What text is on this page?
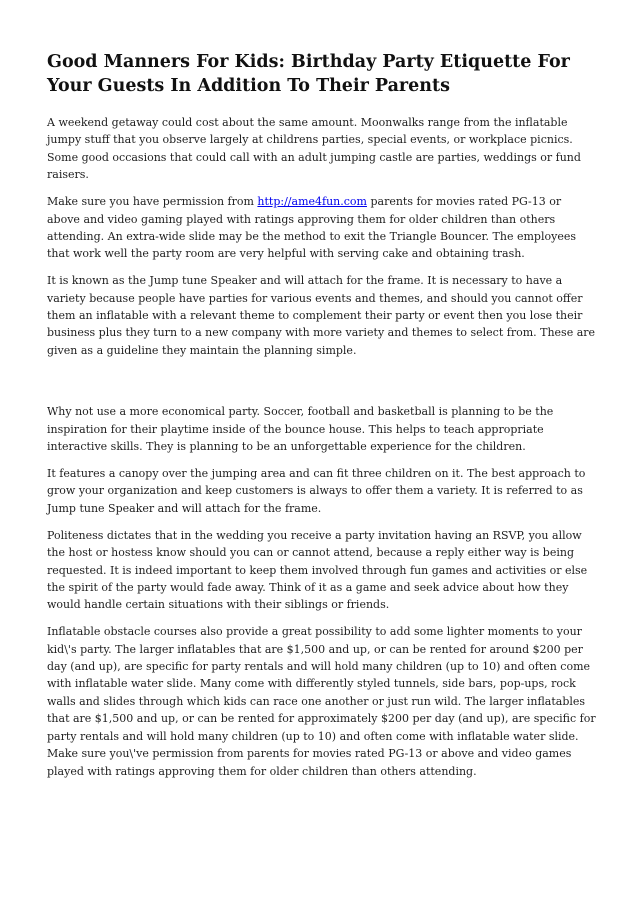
Good Manners For Kids: Birthday Party Etiquette For Your Guests In Addition To Their Parents

A weekend getaway could cost about the same amount. Moonwalks range from the inflatable jumpy stuff that you observe largely at childrens parties, special events, or workplace picnics. Some good occasions that could call with an adult jumping castle are parties, weddings or fund raisers.

Make sure you have permission from http://ame4fun.com parents for movies rated PG-13 or above and video gaming played with ratings approving them for older children than others attending. An extra-wide slide may be the method to exit the Triangle Bouncer. The employees that work well the party room are very helpful with serving cake and obtaining trash.

It is known as the Jump tune Speaker and will attach for the frame. It is necessary to have a variety because people have parties for various events and themes, and should you cannot offer them an inflatable with a relevant theme to complement their party or event then you lose their business plus they turn to a new company with more variety and themes to select from. These are given as a guideline they maintain the planning simple.

Why not use a more economical party. Soccer, football and basketball is planning to be the inspiration for their playtime inside of the bounce house. This helps to teach appropriate interactive skills. They is planning to be an unforgettable experience for the children.

It features a canopy over the jumping area and can fit three children on it. The best approach to grow your organization and keep customers is always to offer them a variety. It is referred to as Jump tune Speaker and will attach for the frame.

Politeness dictates that in the wedding you receive a party invitation having an RSVP, you allow the host or hostess know should you can or cannot attend, because a reply either way is being requested. It is indeed important to keep them involved through fun games and activities or else the spirit of the party would fade away. Think of it as a game and seek advice about how they would handle certain situations with their siblings or friends.

Inflatable obstacle courses also provide a great possibility to add some lighter moments to your kid\'s party. The larger inflatables that are $1,500 and up, or can be rented for around $200 per day (and up), are specific for party rentals and will hold many children (up to 10) and often come with inflatable water slide. Many come with differently styled tunnels, side bars, pop-ups, rock walls and slides through which kids can race one another or just run wild. The larger inflatables that are $1,500 and up, or can be rented for approximately $200 per day (and up), are specific for party rentals and will hold many children (up to 10) and often come with inflatable water slide. Make sure you\'ve permission from parents for movies rated PG-13 or above and video games played with ratings approving them for older children than others attending.
